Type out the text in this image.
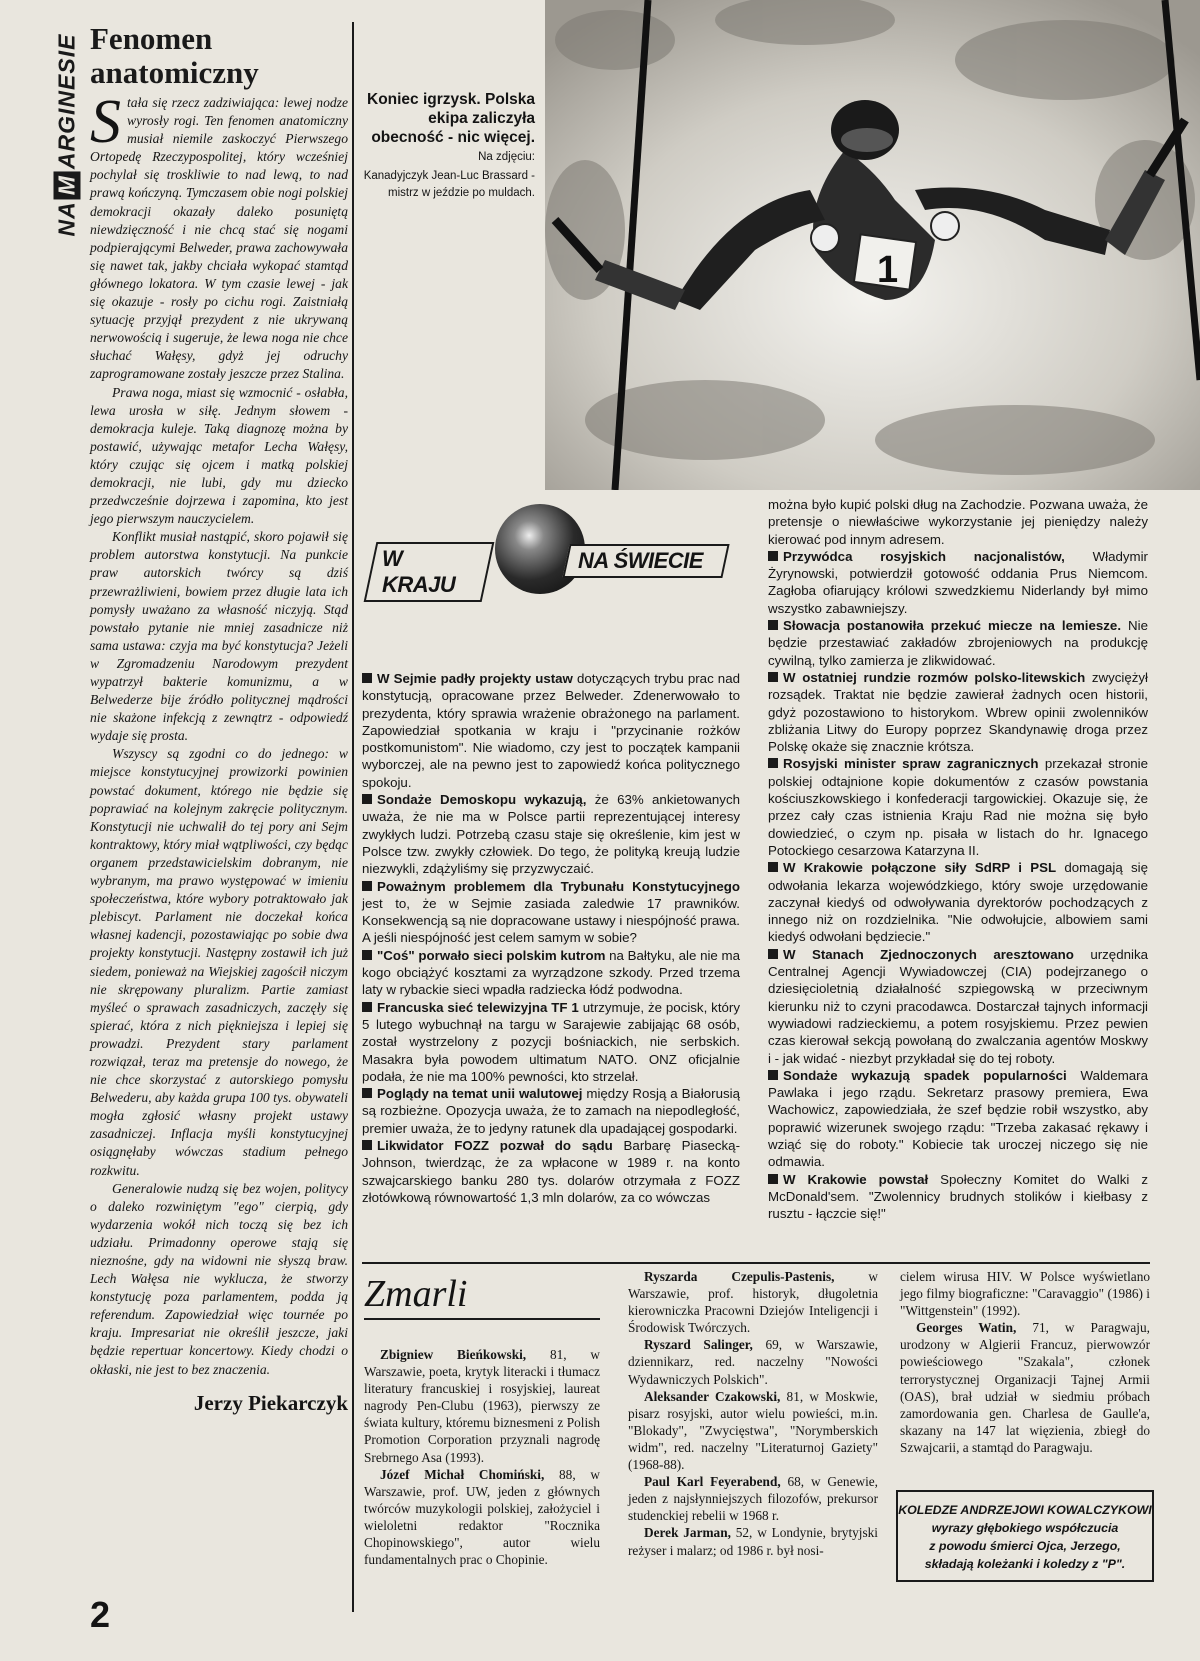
NAMARGINESIE Fenomen anatomiczny

Stała się rzecz zadziwiająca: lewej nodze wyrosły rogi. Ten fenomen anatomiczny musiał niemile zaskoczyć Pierwszego Ortopedę Rzeczypospolitej, który wcześniej pochylał się troskliwie to nad lewą, to nad prawą kończyną. Tymczasem obie nogi polskiej demokracji okazały daleko posuniętą niewdzięczność i nie chcą stać się nogami podpierającymi Belweder, prawa zachowywała się nawet tak, jakby chciała wykopać stamtąd głównego lokatora. W tym czasie lewej - jak się okazuje - rosły po cichu rogi. Zaistniałą sytuację przyjął prezydent z nie ukrywaną nerwowością i sugeruje, że lewa noga nie chce słuchać Wałęsy, gdyż jej odruchy zaprogramowane zostały jeszcze przez Stalina.

Prawa noga, miast się wzmocnić - osłabła, lewa urosła w siłę. Jednym słowem - demokracja kuleje. Taką diagnozę można by postawić, używając metafor Lecha Wałęsy, który czując się ojcem i matką polskiej demokracji, nie lubi, gdy mu dziecko przedwcześnie dojrzewa i zapomina, kto jest jego pierwszym nauczycielem.

Konflikt musiał nastąpić, skoro pojawił się problem autorstwa konstytucji. Na punkcie praw autorskich twórcy są dziś przewrażliwieni, bowiem przez długie lata ich pomysły uważano za własność niczyją. Stąd powstało pytanie nie mniej zasadnicze niż sama ustawa: czyja ma być konstytucja? Jeżeli w Zgromadzeniu Narodowym prezydent wypatrzył bakterie komunizmu, a w Belwederze bije źródło politycznej mądrości nie skażone infekcją z zewnątrz - odpowiedź wydaje się prosta.

Wszyscy są zgodni co do jednego: w miejsce konstytucyjnej prowizorki powinien powstać dokument, którego nie będzie się poprawiać na kolejnym zakręcie politycznym. Konstytucji nie uchwalił do tej pory ani Sejm kontraktowy, który miał wątpliwości, czy będąc organem przedstawicielskim dobranym, nie wybranym, ma prawo występować w imieniu społeczeństwa, które wybory potraktowało jak plebiscyt. Parlament nie doczekał końca własnej kadencji, pozostawiając po sobie dwa projekty konstytucji. Następny zostawił ich już siedem, ponieważ na Wiejskiej zagościł niczym nie skrępowany pluralizm. Partie zamiast myśleć o sprawach zasadniczych, zaczęły się spierać, która z nich piękniejsza i lepiej się prowadzi. Prezydent stary parlament rozwiązał, teraz ma pretensje do nowego, że nie chce skorzystać z autorskiego pomysłu Belwederu, aby każda grupa 100 tys. obywateli mogła zgłosić własny projekt ustawy zasadniczej. Inflacja myśli konstytucyjnej osiągnęłaby wówczas stadium pełnego rozkwitu.

Generalowie nudzą się bez wojen, politycy o daleko rozwiniętym "ego" cierpią, gdy wydarzenia wokół nich toczą się bez ich udziału. Primadonny operowe stają się nieznośne, gdy na widowni nie słyszą braw. Lech Wałęsa nie wyklucza, że stworzy konstytucję poza parlamentem, podda ją referendum. Zapowiedział więc tournée po kraju. Impresariat nie określił jeszcze, jaki będzie repertuar koncertowy. Kiedy chodzi o okłaski, nie jest to bez znaczenia.

Jerzy Piekarczyk
2
Koniec igrzysk. Polska ekipa zaliczyła obecność - nic więcej.
Na zdjęciu:
Kanadyjczyk Jean-Luc Brassard - mistrz w jeździe po muldach.
1
W KRAJU
NA ŚWIECIE

W Sejmie padły projekty ustaw dotyczących trybu prac nad konstytucją, opracowane przez Belweder. Zdenerwowało to prezydenta, który sprawia wrażenie obrażonego na parlament. Zapowiedział spotkania w kraju i "przycinanie rożków postkomunistom". Nie wiadomo, czy jest to początek kampanii wyborczej, ale na pewno jest to zapowiedź końca politycznego spokoju.

Sondaże Demoskopu wykazują, że 63% ankietowanych uważa, że nie ma w Polsce partii reprezentującej interesy zwykłych ludzi. Potrzebą czasu staje się określenie, kim jest w Polsce tzw. zwykły człowiek. Do tego, że polityką kreują ludzie niezwykli, zdążyliśmy się przyzwyczaić.

Poważnym problemem dla Trybunału Konstytucyjnego jest to, że w Sejmie zasiada zaledwie 17 prawników. Konsekwencją są nie dopracowane ustawy i niespójność prawa. A jeśli niespójność jest celem samym w sobie?

"Coś" porwało sieci polskim kutrom na Bałtyku, ale nie ma kogo obciążyć kosztami za wyrządzone szkody. Przed trzema laty w rybackie sieci wpadła radziecka łódź podwodna.

Francuska sieć telewizyjna TF 1 utrzymuje, że pocisk, który 5 lutego wybuchnął na targu w Sarajewie zabijając 68 osób, został wystrzelony z pozycji bośniackich, nie serbskich. Masakra była powodem ultimatum NATO. ONZ oficjalnie podała, że nie ma 100% pewności, kto strzelał.

Poglądy na temat unii walutowej między Rosją a Białorusią są rozbieżne. Opozycja uważa, że to zamach na niepodległość, premier uważa, że to jedyny ratunek dla upadającej gospodarki.

Likwidator FOZZ pozwał do sądu Barbarę Piasecką-Johnson, twierdząc, że za wpłacone w 1989 r. na konto szwajcarskiego banku 280 tys. dolarów otrzymała z FOZZ złotówkową równowartość 1,3 mln dolarów, za co wówczas

można było kupić polski dług na Zachodzie. Pozwana uważa, że pretensje o niewłaściwe wykorzystanie jej pieniędzy należy kierować pod innym adresem.

Przywódca rosyjskich nacjonalistów, Władymir Żyrynowski, potwierdził gotowość oddania Prus Niemcom. Zagłoba ofiarujący królowi szwedzkiemu Niderlandy był mimo wszystko zabawniejszy.

Słowacja postanowiła przekuć miecze na lemiesze. Nie będzie przestawiać zakładów zbrojeniowych na produkcję cywilną, tylko zamierza je zlikwidować.

W ostatniej rundzie rozmów polsko-litewskich zwyciężył rozsądek. Traktat nie będzie zawierał żadnych ocen historii, gdyż pozostawiono to historykom. Wbrew opinii zwolenników zbliżania Litwy do Europy poprzez Skandynawię droga przez Polskę okaże się znacznie krótsza.

Rosyjski minister spraw zagranicznych przekazał stronie polskiej odtajnione kopie dokumentów z czasów powstania kościuszkowskiego i konfederacji targowickiej. Okazuje się, że przez cały czas istnienia Kraju Rad nie można się było dowiedzieć, o czym np. pisała w listach do hr. Ignacego Potockiego cesarzowa Katarzyna II.

W Krakowie połączone siły SdRP i PSL domagają się odwołania lekarza wojewódzkiego, który swoje urzędowanie zaczynał kiedyś od odwoływania dyrektorów pochodzących z innego niż on rozdzielnika. "Nie odwołujcie, albowiem sami kiedyś odwołani będziecie."

W Stanach Zjednoczonych aresztowano urzędnika Centralnej Agencji Wywiadowczej (CIA) podejrzanego o dziesięcioletnią działalność szpiegowską w przeciwnym kierunku niż to czyni pracodawca. Dostarczał tajnych informacji wywiadowi radzieckiemu, a potem rosyjskiemu. Przez pewien czas kierował sekcją powołaną do zwalczania agentów Moskwy i - jak widać - niezbyt przykładał się do tej roboty.

Sondaże wykazują spadek popularności Waldemara Pawlaka i jego rządu. Sekretarz prasowy premiera, Ewa Wachowicz, zapowiedziała, że szef będzie robił wszystko, aby poprawić wizerunek swojego rządu: "Trzeba zakasać rękawy i wziąć się do roboty." Kobiecie tak uroczej niczego się nie odmawia.

W Krakowie powstał Społeczny Komitet do Walki z McDonald'sem. "Zwolennicy brudnych stolików i kiełbasy z rusztu - łączcie się!"

Zmarli

Zbigniew Bieńkowski, 81, w Warszawie, poeta, krytyk literacki i tłumacz literatury francuskiej i rosyjskiej, laureat nagrody Pen-Clubu (1963), pierwszy ze świata kultury, któremu biznesmeni z Polish Promotion Corporation przyznali nagrodę Srebrnego Asa (1993).

Józef Michał Chomiński, 88, w Warszawie, prof. UW, jeden z głównych twórców muzykologii polskiej, założyciel i wieloletni redaktor "Rocznika Chopinowskiego", autor wielu fundamentalnych prac o Chopinie.

Ryszarda Czepulis-Pastenis, w Warszawie, prof. historyk, długoletnia kierowniczka Pracowni Dziejów Inteligencji i Środowisk Twórczych.

Ryszard Salinger, 69, w Warszawie, dziennikarz, red. naczelny "Nowości Wydawniczych Polskich".

Aleksander Czakowski, 81, w Moskwie, pisarz rosyjski, autor wielu powieści, m.in. "Blokady", "Zwycięstwa", "Norymberskich widm", red. naczelny "Literaturnoj Gaziety" (1968-88).

Paul Karl Feyerabend, 68, w Genewie, jeden z najsłynniejszych filozofów, prekursor studenckiej rebelii w 1968 r.

Derek Jarman, 52, w Londynie, brytyjski reżyser i malarz; od 1986 r. był nosi-

cielem wirusa HIV. W Polsce wyświetlano jego filmy biograficzne: "Caravaggio" (1986) i "Wittgenstein" (1992).

Georges Watin, 71, w Paragwaju, urodzony w Algierii Francuz, pierwowzór powieściowego "Szakala", członek terrorystycznej Organizacji Tajnej Armii (OAS), brał udział w siedmiu próbach zamordowania gen. Charlesa de Gaulle'a, skazany na 147 lat więzienia, zbiegł do Szwajcarii, a stamtąd do Paragwaju.

KOLEDZE ANDRZEJOWI KOWALCZYKOWI
wyrazy głębokiego współczucia
z powodu śmierci Ojca, Jerzego,
składają koleżanki i koledzy z "P".
